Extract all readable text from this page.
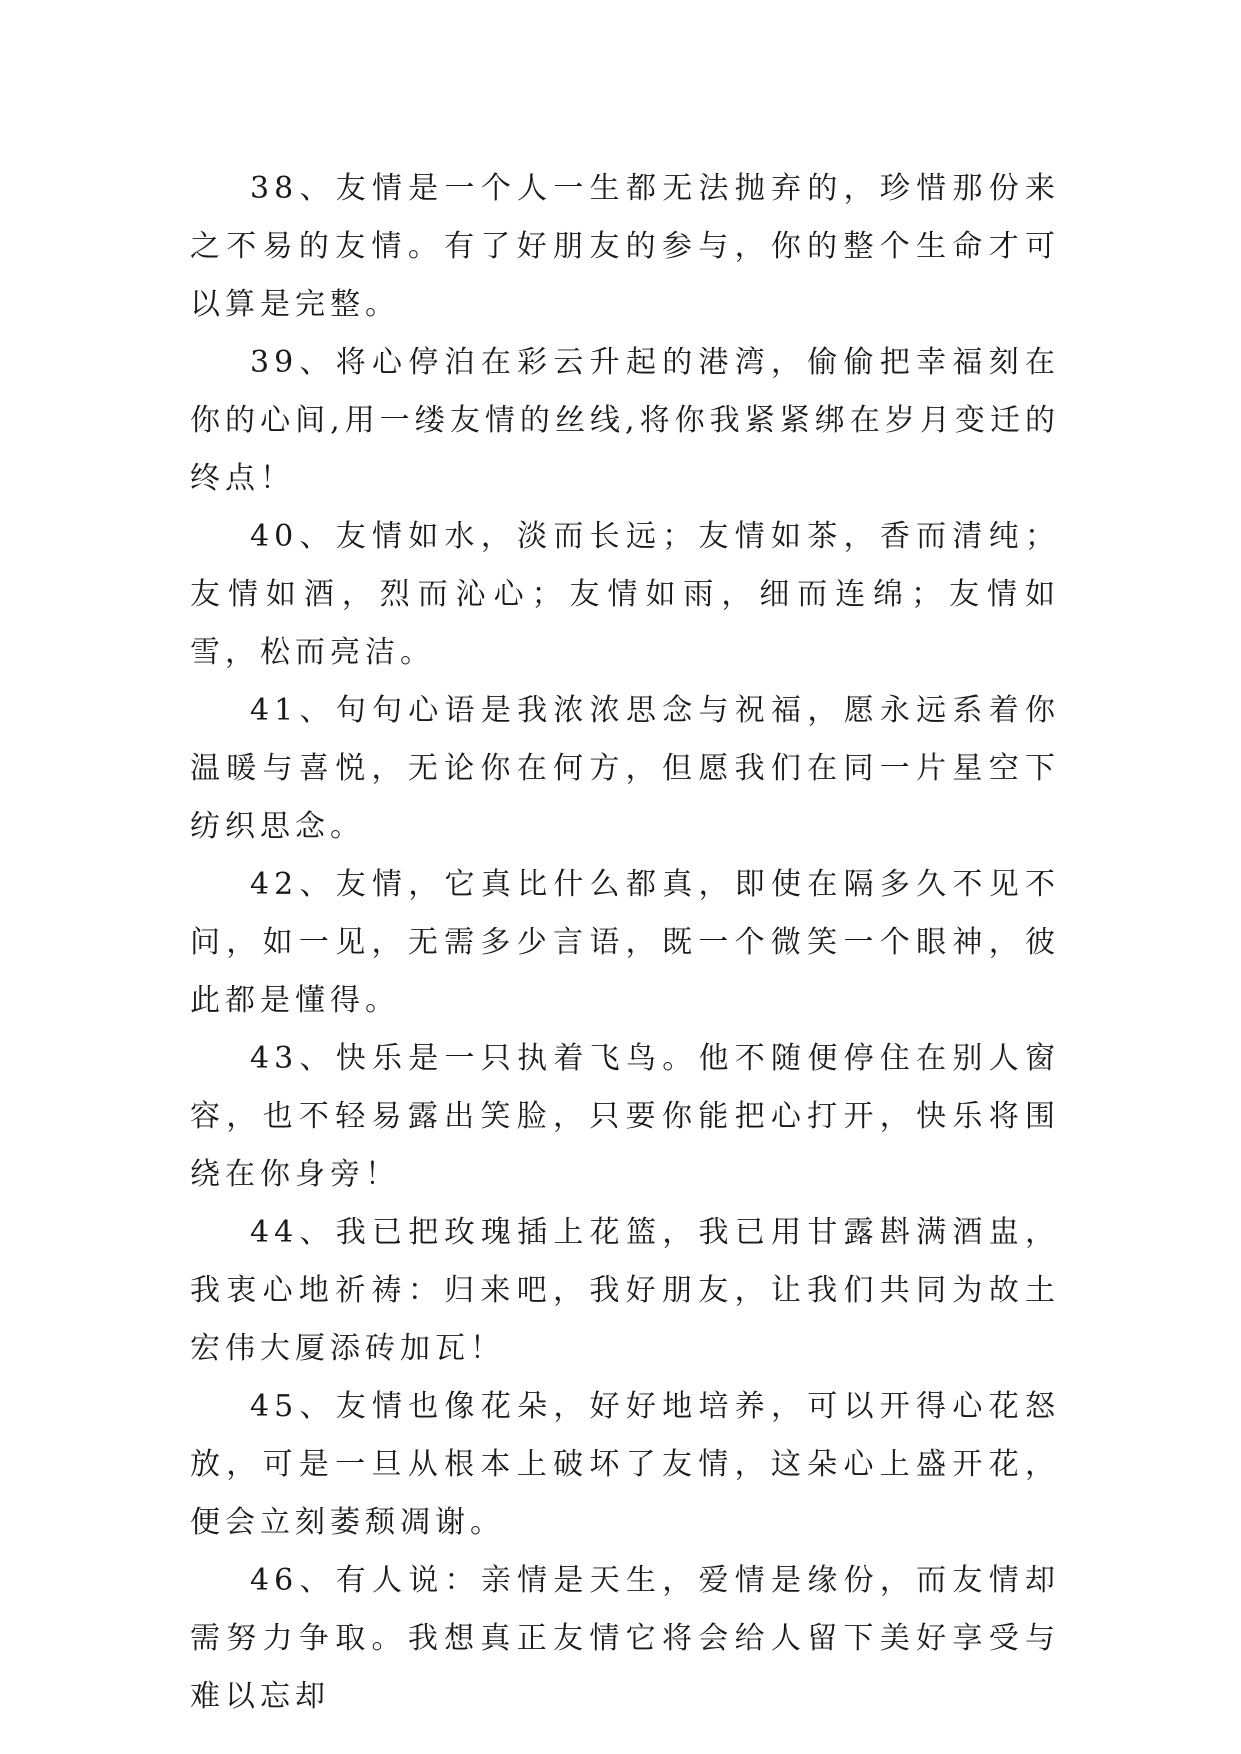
38、友情是一个人一生都无法抛弃的，珍惜那份来之不易的友情。有了好朋友的参与，你的整个生命才可以算是完整。

39、将心停泊在彩云升起的港湾，偷偷把幸福刻在你的心间,用一缕友情的丝线,将你我紧紧绑在岁月变迁的终点！

40、友情如水，淡而长远；友情如茶，香而清纯；友情如酒，烈而沁心；友情如雨，细而连绵；友情如雪，松而亮洁。

41、句句心语是我浓浓思念与祝福，愿永远系着你温暖与喜悦，无论你在何方，但愿我们在同一片星空下纺织思念。

42、友情，它真比什么都真，即使在隔多久不见不问，如一见，无需多少言语，既一个微笑一个眼神，彼此都是懂得。

43、快乐是一只执着飞鸟。他不随便停住在别人窗容，也不轻易露出笑脸，只要你能把心打开，快乐将围绕在你身旁！

44、我已把玫瑰插上花篮，我已用甘露斟满酒盅，我衷心地祈祷：归来吧，我好朋友，让我们共同为故土宏伟大厦添砖加瓦！

45、友情也像花朵，好好地培养，可以开得心花怒放，可是一旦从根本上破坏了友情，这朵心上盛开花，便会立刻萎颓凋谢。

46、有人说：亲情是天生，爱情是缘份，而友情却需努力争取。我想真正友情它将会给人留下美好享受与难以忘却
